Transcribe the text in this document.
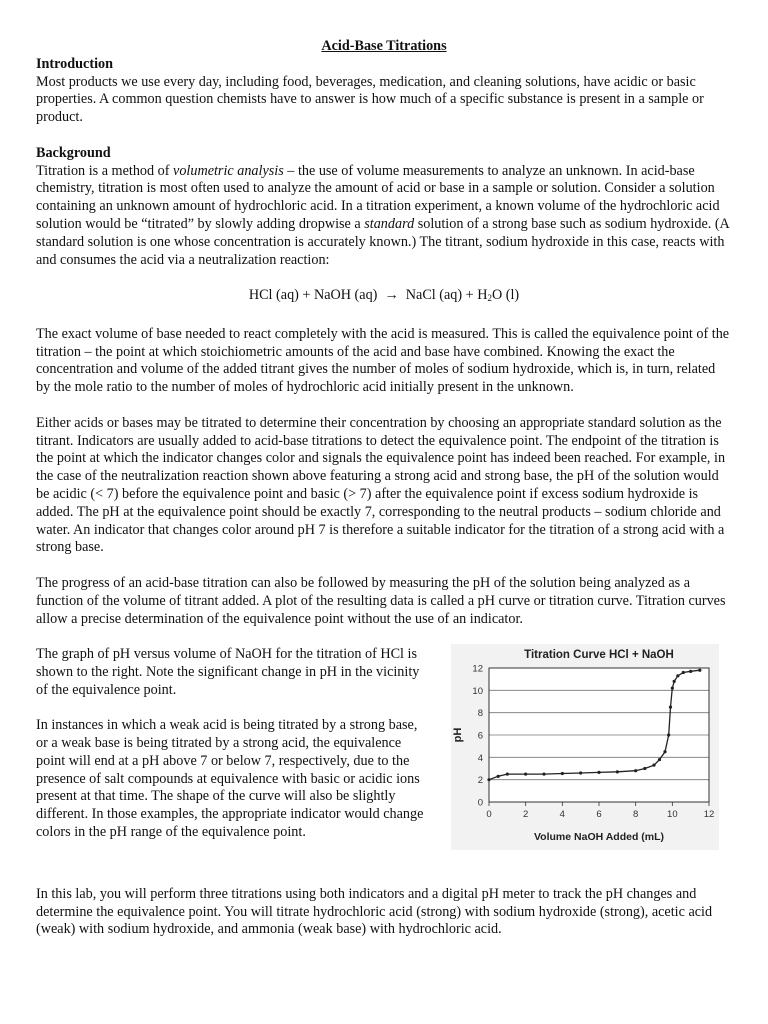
Acid-Base Titrations

Introduction

Most products we use every day, including food, beverages, medication, and cleaning solutions, have acidic or basic properties. A common question chemists have to answer is how much of a specific substance is present in a sample or product.

Background

Titration is a method of volumetric analysis – the use of volume measurements to analyze an unknown. In acid-base chemistry, titration is most often used to analyze the amount of acid or base in a sample or solution. Consider a solution containing an unknown amount of hydrochloric acid. In a titration experiment, a known volume of the hydrochloric acid solution would be “titrated” by slowly adding dropwise a standard solution of a strong base such as sodium hydroxide. (A standard solution is one whose concentration is accurately known.) The titrant, sodium hydroxide in this case, reacts with and consumes the acid via a neutralization reaction:

HCl (aq) + NaOH (aq) → NaCl $(aq) + H_2O$ (l)

The exact volume of base needed to react completely with the acid is measured. This is called the equivalence point of the titration – the point at which stoichiometric amounts of the acid and base have combined. Knowing the exact the concentration and volume of the added titrant gives the number of moles of sodium hydroxide, which is, in turn, related by the mole ratio to the number of moles of hydrochloric acid initially present in the unknown.

Either acids or bases may be titrated to determine their concentration by choosing an appropriate standard solution as the titrant. Indicators are usually added to acid-base titrations to detect the equivalence point. The endpoint of the titration is the point at which the indicator changes color and signals the equivalence point has indeed been reached. For example, in the case of the neutralization reaction shown above featuring a strong acid and strong base, the pH of the solution would be acidic (< 7) before the equivalence point and basic (> 7) after the equivalence point if excess sodium hydroxide is added. The pH at the equivalence point should be exactly 7, corresponding to the neutral products – sodium chloride and water. An indicator that changes color around pH 7 is therefore a suitable indicator for the titration of a strong acid with a strong base.

The progress of an acid-base titration can also be followed by measuring the pH of the solution being analyzed as a function of the volume of titrant added. A plot of the resulting data is called a pH curve or titration curve. Titration curves allow a precise determination of the equivalence point without the use of an indicator.

The graph of pH versus volume of NaOH for the titration of HCl is shown to the right. Note the significant change in pH in the vicinity of the equivalence point.

In instances in which a weak acid is being titrated by a strong base, or a weak base is being titrated by a strong acid, the equivalence point will end at a pH above 7 or below 7, respectively, due to the presence of salt compounds at equivalence with basic or acidic ions present at that time. The shape of the curve will also be slightly different. In those examples, the appropriate indicator would change colors in the pH range of the equivalence point.

0
2
4
6
8
10
12
0	2	4	6	8	10	12
Titration Curve HCl + NaOH
Volume NaOH Added (mL)
pH

In this lab, you will perform three titrations using both indicators and a digital pH meter to track the pH changes and determine the equivalence point. You will titrate hydrochloric acid (strong) with sodium hydroxide (strong), acetic acid (weak) with sodium hydroxide, and ammonia (weak base) with hydrochloric acid.
